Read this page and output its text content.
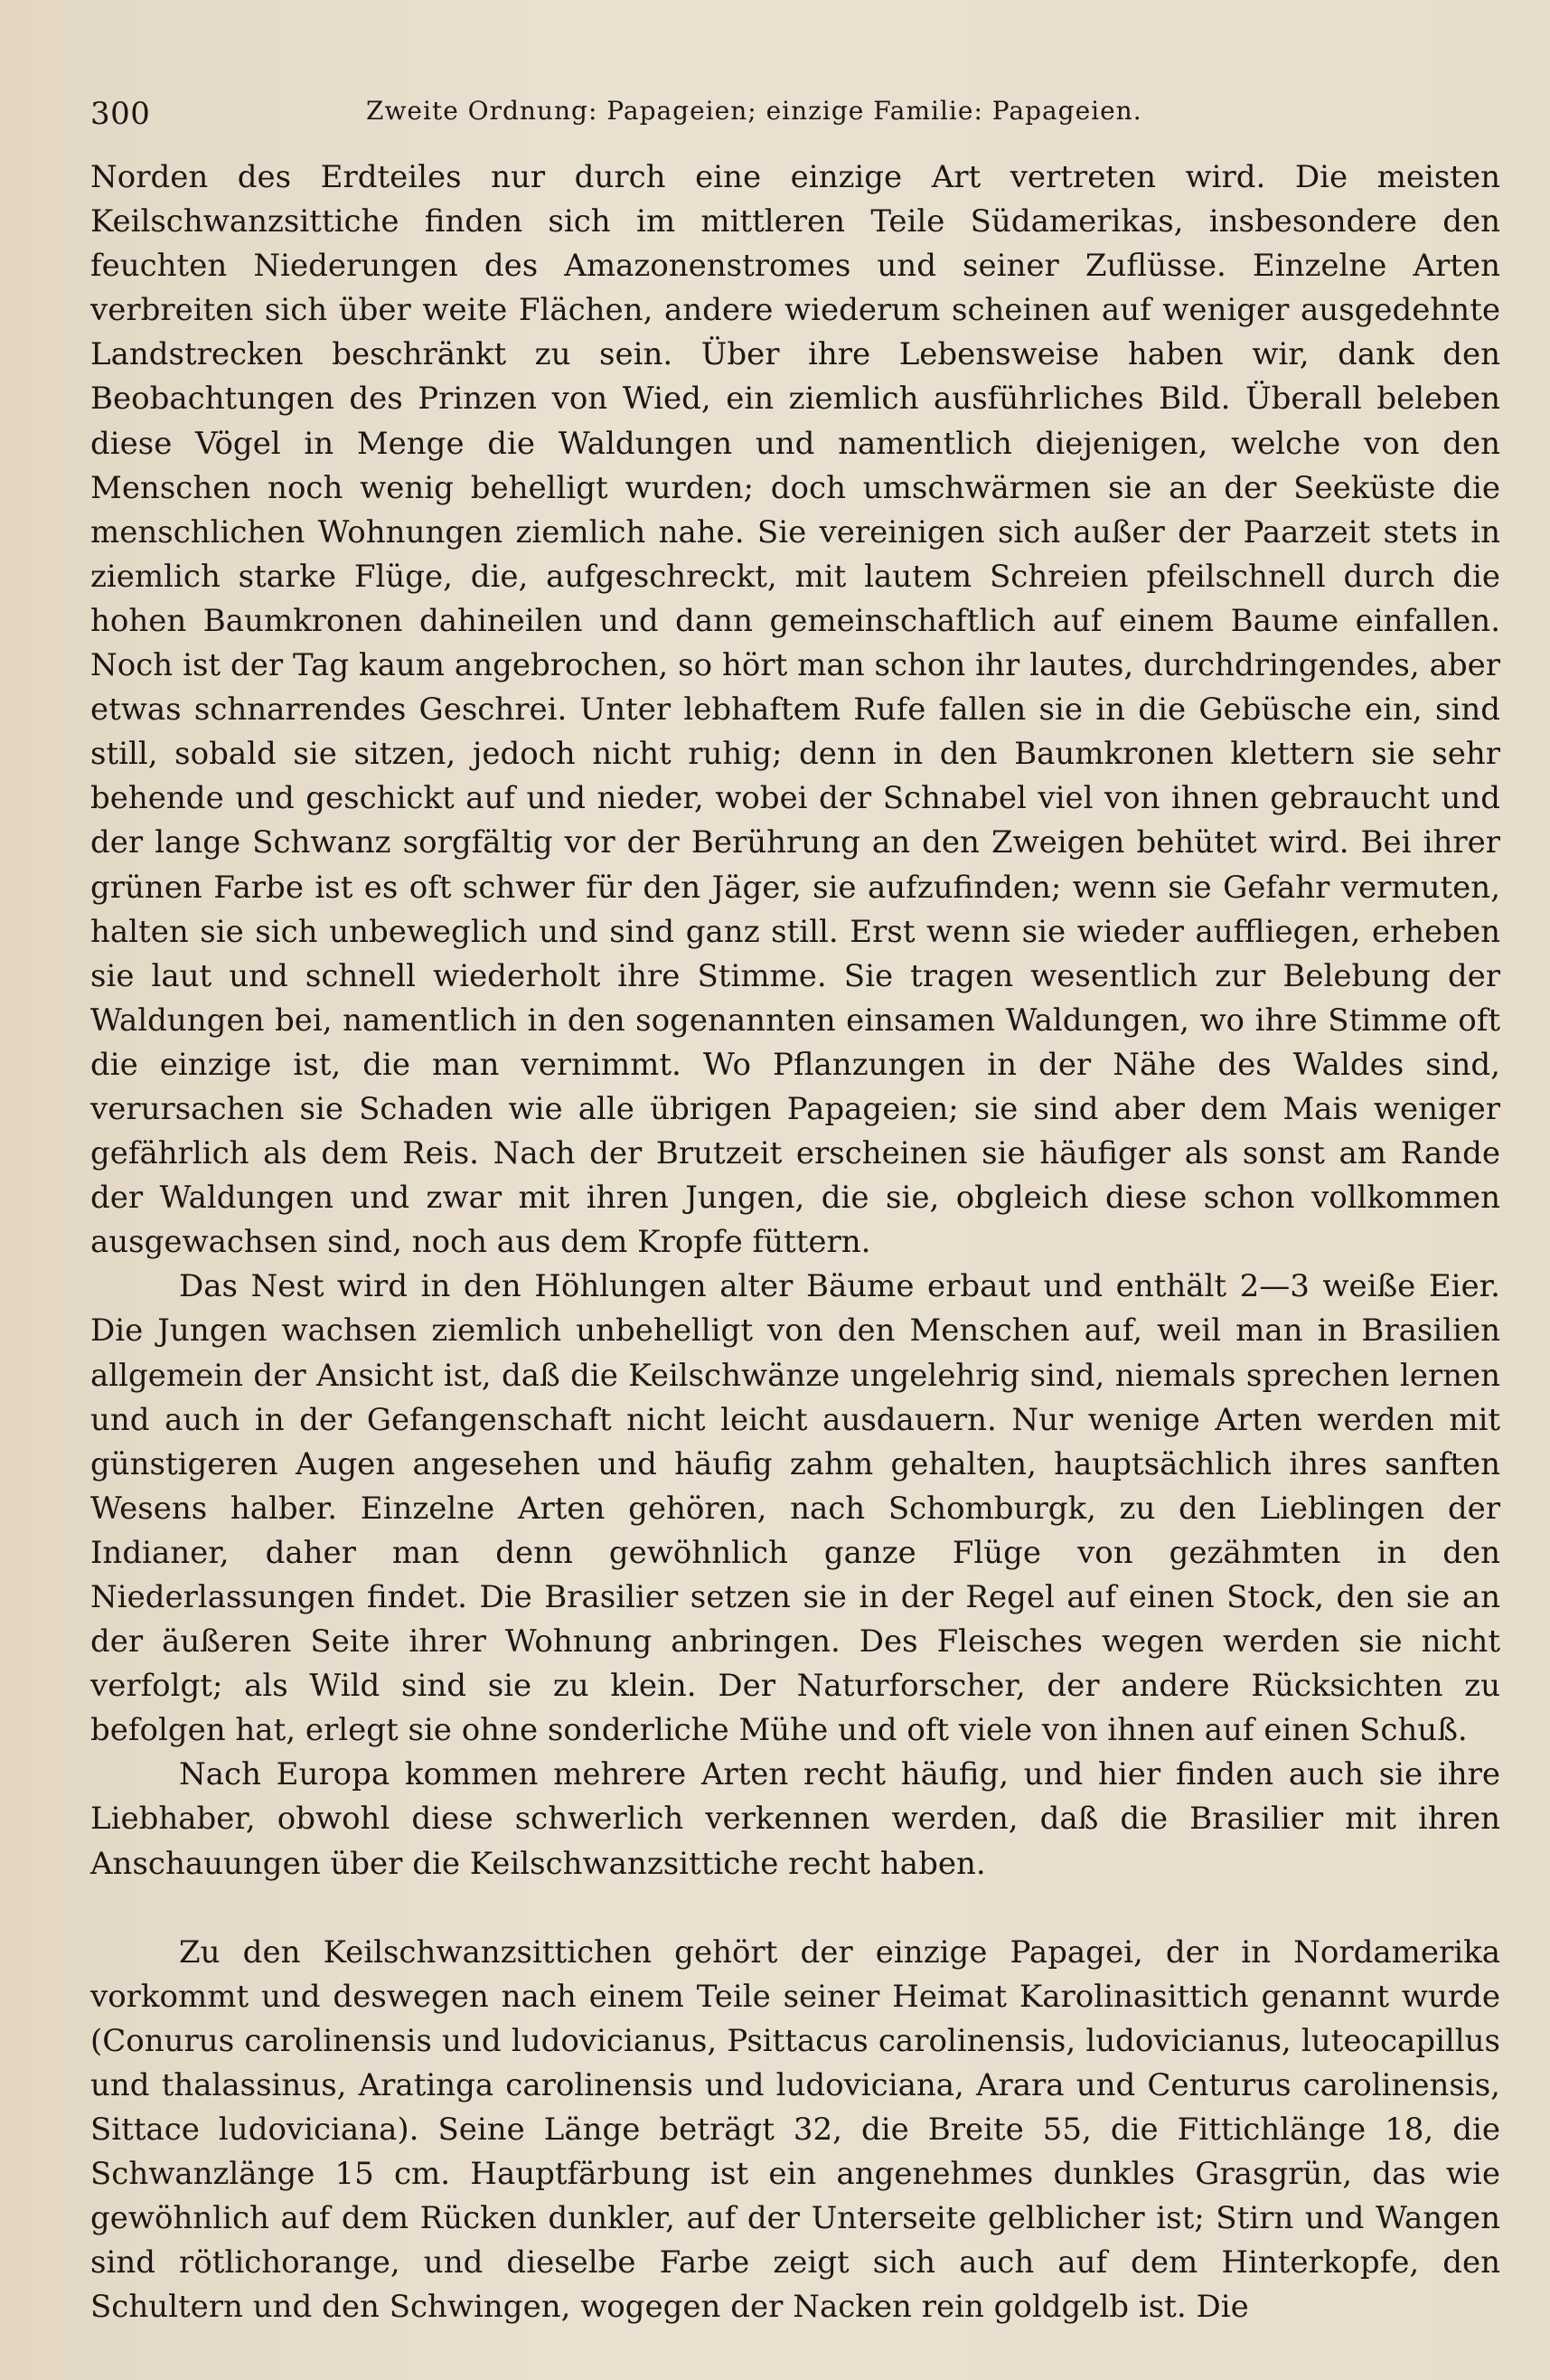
300	Zweite Ordnung: Papageien; einzige Familie: Papageien.

Norden des Erdteiles nur durch eine einzige Art vertreten wird. Die meisten Keilschwanzsittiche finden sich im mittleren Teile Südamerikas, insbesondere den feuchten Niederungen des Amazonenstromes und seiner Zuflüsse. Einzelne Arten verbreiten sich über weite Flächen, andere wiederum scheinen auf weniger ausgedehnte Landstrecken beschränkt zu sein. Über ihre Lebensweise haben wir, dank den Beobachtungen des Prinzen von Wied, ein ziemlich ausführliches Bild. Überall beleben diese Vögel in Menge die Waldungen und namentlich diejenigen, welche von den Menschen noch wenig behelligt wurden; doch umschwärmen sie an der Seeküste die menschlichen Wohnungen ziemlich nahe. Sie vereinigen sich außer der Paarzeit stets in ziemlich starke Flüge, die, aufgeschreckt, mit lautem Schreien pfeilschnell durch die hohen Baumkronen dahineilen und dann gemeinschaftlich auf einem Baume einfallen. Noch ist der Tag kaum angebrochen, so hört man schon ihr lautes, durchdringendes, aber etwas schnarrendes Geschrei. Unter lebhaftem Rufe fallen sie in die Gebüsche ein, sind still, sobald sie sitzen, jedoch nicht ruhig; denn in den Baumkronen klettern sie sehr behende und geschickt auf und nieder, wobei der Schnabel viel von ihnen gebraucht und der lange Schwanz sorgfältig vor der Berührung an den Zweigen behütet wird. Bei ihrer grünen Farbe ist es oft schwer für den Jäger, sie aufzufinden; wenn sie Gefahr vermuten, halten sie sich unbeweglich und sind ganz still. Erst wenn sie wieder auffliegen, erheben sie laut und schnell wiederholt ihre Stimme. Sie tragen wesentlich zur Belebung der Waldungen bei, namentlich in den sogenannten einsamen Waldungen, wo ihre Stimme oft die einzige ist, die man vernimmt. Wo Pflanzungen in der Nähe des Waldes sind, verursachen sie Schaden wie alle übrigen Papageien; sie sind aber dem Mais weniger gefährlich als dem Reis. Nach der Brutzeit erscheinen sie häufiger als sonst am Rande der Waldungen und zwar mit ihren Jungen, die sie, obgleich diese schon vollkommen ausgewachsen sind, noch aus dem Kropfe füttern.

Das Nest wird in den Höhlungen alter Bäume erbaut und enthält 2—3 weiße Eier. Die Jungen wachsen ziemlich unbehelligt von den Menschen auf, weil man in Brasilien allgemein der Ansicht ist, daß die Keilschwänze ungelehrig sind, niemals sprechen lernen und auch in der Gefangenschaft nicht leicht ausdauern. Nur wenige Arten werden mit günstigeren Augen angesehen und häufig zahm gehalten, hauptsächlich ihres sanften Wesens halber. Einzelne Arten gehören, nach Schomburgk, zu den Lieblingen der Indianer, daher man denn gewöhnlich ganze Flüge von gezähmten in den Niederlassungen findet. Die Brasilier setzen sie in der Regel auf einen Stock, den sie an der äußeren Seite ihrer Wohnung anbringen. Des Fleisches wegen werden sie nicht verfolgt; als Wild sind sie zu klein. Der Naturforscher, der andere Rücksichten zu befolgen hat, erlegt sie ohne sonderliche Mühe und oft viele von ihnen auf einen Schuß.

Nach Europa kommen mehrere Arten recht häufig, und hier finden auch sie ihre Liebhaber, obwohl diese schwerlich verkennen werden, daß die Brasilier mit ihren Anschauungen über die Keilschwanzsittiche recht haben.

Zu den Keilschwanzsittichen gehört der einzige Papagei, der in Nordamerika vorkommt und deswegen nach einem Teile seiner Heimat Karolinasittich genannt wurde (Conurus carolinensis und ludovicianus, Psittacus carolinensis, ludovicianus, luteocapillus und thalassinus, Aratinga carolinensis und ludoviciana, Arara und Centurus carolinensis, Sittace ludoviciana). Seine Länge beträgt 32, die Breite 55, die Fittichlänge 18, die Schwanzlänge 15 cm. Hauptfärbung ist ein angenehmes dunkles Grasgrün, das wie gewöhnlich auf dem Rücken dunkler, auf der Unterseite gelblicher ist; Stirn und Wangen sind rötlichorange, und dieselbe Farbe zeigt sich auch auf dem Hinterkopfe, den Schultern und den Schwingen, wogegen der Nacken rein goldgelb ist. Die
